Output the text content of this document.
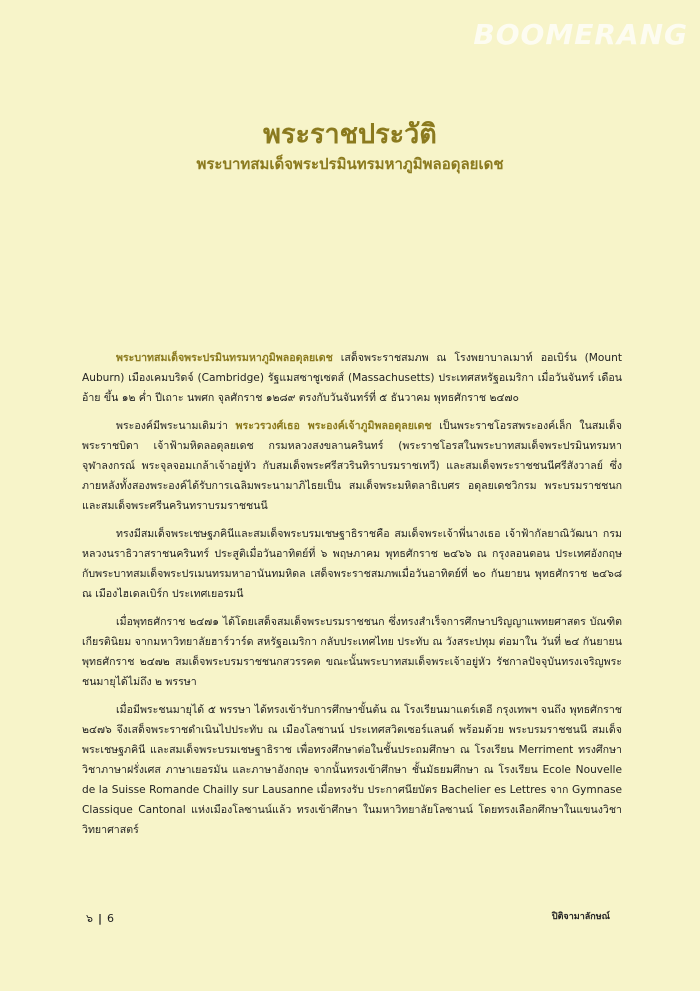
BOOMERANG
พระราชประวัติ
พระบาทสมเด็จพระปรมินทรมหาภูมิพลอดุลยเดช

พระบาทสมเด็จพระปรมินทรมหาภูมิพลอดุลยเดช เสด็จพระราชสมภพ ณ โรงพยาบาลเมาท์ ออเบิร์น (Mount Auburn) เมืองเคมบริดจ์ (Cambridge) รัฐแมสซาชูเซตส์ (Massachusetts) ประเทศสหรัฐอเมริกา เมื่อวันจันทร์ เดือนอ้าย ขึ้น ๑๒ ค่ำ ปีเถาะ นพศก จุลศักราช ๑๒๘๙ ตรงกับวันจันทร์ที่ ๕ ธันวาคม พุทธศักราช ๒๔๗๐

พระองค์มีพระนามเดิมว่า พระวรวงศ์เธอ พระองค์เจ้าภูมิพลอดุลยเดช เป็นพระราชโอรสพระองค์เล็ก ในสมเด็จพระราชบิดา เจ้าฟ้ามหิดลอดุลยเดช กรมหลวงสงขลานครินทร์ (พระราชโอรสในพระบาทสมเด็จพระปรมินทรมหาจุฬาลงกรณ์ พระจุลจอมเกล้าเจ้าอยู่หัว กับสมเด็จพระศรีสวรินทิราบรมราชเทวี) และสมเด็จพระราชชนนีศรีสังวาลย์ ซึ่งภายหลังทั้งสองพระองค์ได้รับการเฉลิมพระนามาภิไธยเป็น สมเด็จพระมหิตลาธิเบศร อดุลยเดชวิกรม พระบรมราชชนก และสมเด็จพระศรีนครินทราบรมราชชนนี

ทรงมีสมเด็จพระเชษฐภคินีและสมเด็จพระบรมเชษฐาธิราชคือ สมเด็จพระเจ้าพี่นางเธอ เจ้าฟ้ากัลยาณิวัฒนา กรมหลวงนราธิวาสราชนครินทร์ ประสูติเมื่อวันอาทิตย์ที่ ๖ พฤษภาคม พุทธศักราช ๒๔๖๖ ณ กรุงลอนดอน ประเทศอังกฤษ กับพระบาทสมเด็จพระปรเมนทรมหาอานันทมหิดล เสด็จพระราชสมภพเมื่อวันอาทิตย์ที่ ๒๐ กันยายน พุทธศักราช ๒๔๖๘ ณ เมืองไฮเดลเบิร์ก ประเทศเยอรมนี

เมื่อพุทธศักราช ๒๔๗๑ ได้โดยเสด็จสมเด็จพระบรมราชชนก ซึ่งทรงสำเร็จการศึกษาปริญญาแพทยศาสตร บัณฑิต เกียรตินิยม จากมหาวิทยาลัยฮาร์วาร์ด สหรัฐอเมริกา กลับประเทศไทย ประทับ ณ วังสระปทุม ต่อมาใน วันที่ ๒๔ กันยายน พุทธศักราช ๒๔๗๒ สมเด็จพระบรมราชชนกสวรรคต ขณะนั้นพระบาทสมเด็จพระเจ้าอยู่หัว รัชกาลปัจจุบันทรงเจริญพระชนมายุได้ไม่ถึง ๒ พรรษา

เมื่อมีพระชนมายุได้ ๕ พรรษา ได้ทรงเข้ารับการศึกษาขั้นต้น ณ โรงเรียนมาแตร์เดอี กรุงเทพฯ จนถึง พุทธศักราช ๒๔๗๖ จึงเสด็จพระราชดำเนินไปประทับ ณ เมืองโลซานน์ ประเทศสวิตเซอร์แลนด์ พร้อมด้วย พระบรมราชชนนี สมเด็จพระเชษฐภคินี และสมเด็จพระบรมเชษฐาธิราช เพื่อทรงศึกษาต่อในชั้นประถมศึกษา ณ โรงเรียน Merriment ทรงศึกษาวิชาภาษาฝรั่งเศส ภาษาเยอรมัน และภาษาอังกฤษ จากนั้นทรงเข้าศึกษา ชั้นมัธยมศึกษา ณ โรงเรียน Ecole Nouvelle de la Suisse Romande Chailly sur Lausanne เมื่อทรงรับ ประกาศนียบัตร Bachelier es Lettres จาก Gymnase Classique Cantonal แห่งเมืองโลซานน์แล้ว ทรงเข้าศึกษา ในมหาวิทยาลัยโลซานน์ โดยทรงเลือกศึกษาในแขนงวิชาวิทยาศาสตร์

๖ | 6	ปิติจามาลักษณ์
